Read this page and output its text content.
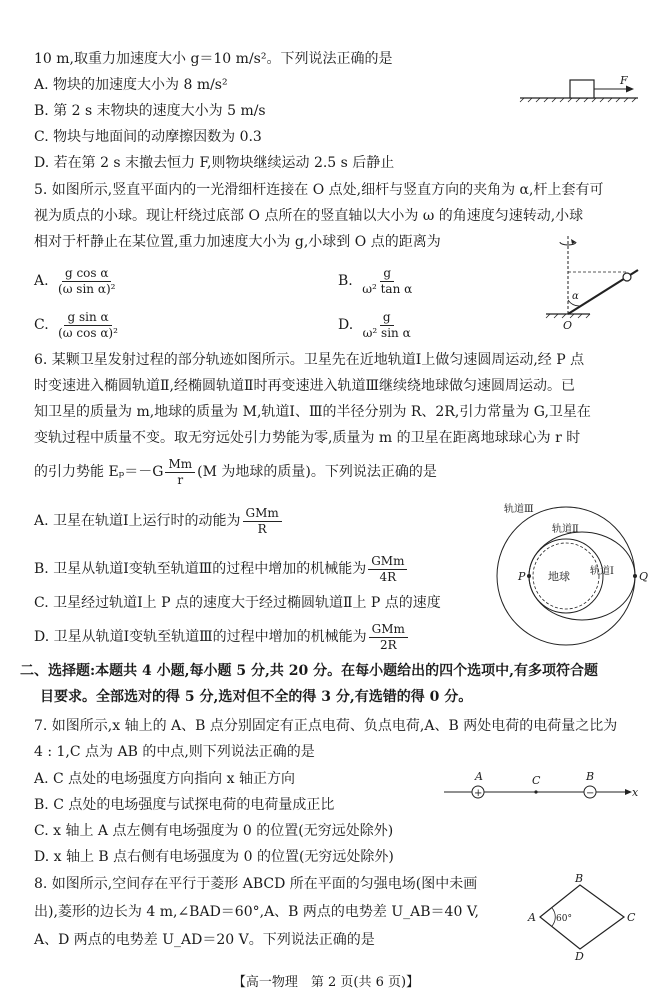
10 m,取重力加速度大小 g＝10 m/s²。下列说法正确的是
A. 物块的加速度大小为 8 m/s²
B. 第 2 s 末物块的速度大小为 5 m/s
C. 物块与地面间的动摩擦因数为 0.3
D. 若在第 2 s 末撤去恒力 F,则物块继续运动 2.5 s 后静止
F
5. 如图所示,竖直平面内的一光滑细杆连接在 O 点处,细杆与竖直方向的夹角为 α,杆上套有可
视为质点的小球。现让杆绕过底部 O 点所在的竖直轴以大小为 ω 的角速度匀速转动,小球
相对于杆静止在某位置,重力加速度大小为 g,小球到 O 点的距离为
A. $\frac{\text{g cos α}}{\text{(ω sin α)²}}$	B. $\frac{g}{\text{ω² tan α}}$
C. $\frac{\text{g sin α}}{\text{(ω cos α)²}}$	D. $\frac{g}{\text{ω² sin α}}$
α
O
6. 某颗卫星发射过程的部分轨迹如图所示。卫星先在近地轨道Ⅰ上做匀速圆周运动,经 P 点
时变速进入椭圆轨道Ⅱ,经椭圆轨道Ⅱ时再变速进入轨道Ⅲ继续绕地球做匀速圆周运动。已
知卫星的质量为 m,地球的质量为 M,轨道Ⅰ、Ⅲ的半径分别为 R、2R,引力常量为 G,卫星在
变轨过程中质量不变。取无穷远处引力势能为零,质量为 m 的卫星在距离地球球心为 r 时
的引力势能 $E_p=-G \frac{Mm}{r} (M$ 为地球的质量)。下列说法正确的是
A. 卫星在轨道Ⅰ上运行时的动能为 $\frac{\text{GMm}}{R}$
B. 卫星从轨道Ⅰ变轨至轨道Ⅲ的过程中增加的机械能为 $\frac{\text{GMm}}{4R}$
C. 卫星经过轨道Ⅰ上 P 点的速度大于经过椭圆轨道Ⅱ上 P 点的速度
D. 卫星从轨道Ⅰ变轨至轨道Ⅲ的过程中增加的机械能为 $\frac{\text{GMm}}{2R}$
轨道Ⅲ
轨道Ⅱ
轨道Ⅰ
地球
P	Q
二、选择题:本题共 4 小题,每小题 5 分,共 20 分。在每小题给出的四个选项中,有多项符合题
目要求。全部选对的得 5 分,选对但不全的得 3 分,有选错的得 0 分。
7. 如图所示,x 轴上的 A、B 点分别固定有正点电荷、负点电荷,A、B 两处电荷的电荷量之比为
4 : 1,C 点为 AB 的中点,则下列说法正确的是
A. C 点处的电场强度方向指向 x 轴正方向
B. C 点处的电场强度与试探电荷的电荷量成正比
C. x 轴上 A 点左侧有电场强度为 0 的位置(无穷远处除外)
D. x 轴上 B 点右侧有电场强度为 0 的位置(无穷远处除外)
+	−
A	C	B
x
8. 如图所示,空间存在平行于菱形 ABCD 所在平面的匀强电场(图中未画
出),菱形的边长为 4 m,∠BAD＝60°,A、B 两点的电势差 U_AB＝40 V,
A、D 两点的电势差 U_AD＝20 V。下列说法正确的是
60°
A
B
C
D
【高一物理　第 2 页(共 6 页)】
